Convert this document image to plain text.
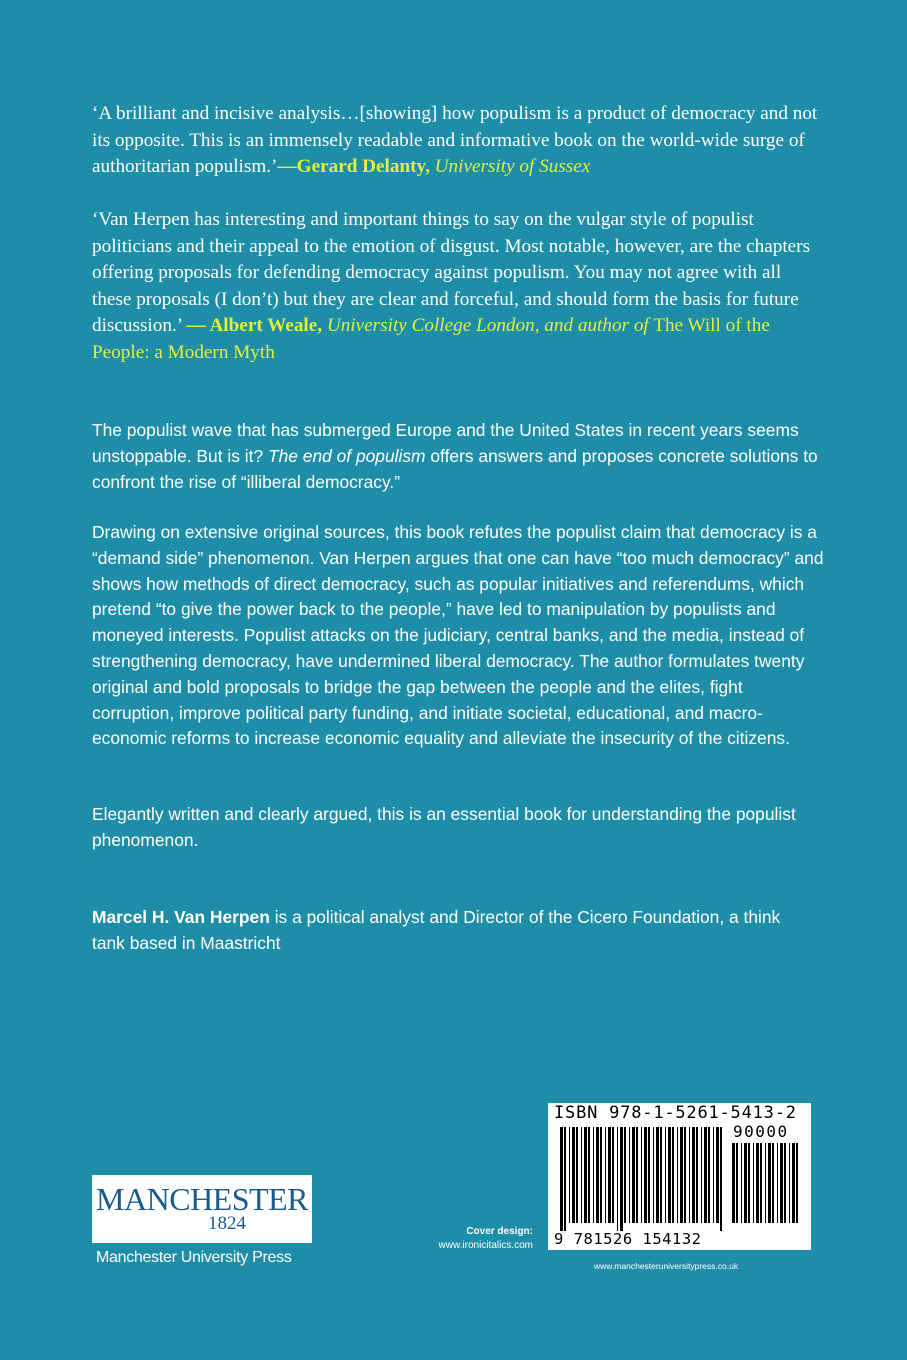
‘A brilliant and incisive analysis…[showing] how populism is a product of democracy and not its opposite. This is an immensely readable and informative book on the world-wide surge of authoritarian populism.’—Gerard Delanty, University of Sussex
‘Van Herpen has interesting and important things to say on the vulgar style of populist politicians and their appeal to the emotion of disgust. Most notable, however, are the chapters offering proposals for defending democracy against populism. You may not agree with all these proposals (I don’t) but they are clear and forceful, and should form the basis for future discussion.’ — Albert Weale, University College London, and author of The Will of the People: a Modern Myth
The populist wave that has submerged Europe and the United States in recent years seems unstoppable. But is it? The end of populism offers answers and proposes concrete solutions to confront the rise of “illiberal democracy.”
Drawing on extensive original sources, this book refutes the populist claim that democracy is a “demand side” phenomenon. Van Herpen argues that one can have “too much democracy” and shows how methods of direct democracy, such as popular initiatives and referendums, which pretend “to give the power back to the people,” have led to manipulation by populists and moneyed interests. Populist attacks on the judiciary, central banks, and the media, instead of strengthening democracy, have undermined liberal democracy. The author formulates twenty original and bold proposals to bridge the gap between the people and the elites, fight corruption, improve political party funding, and initiate societal, educational, and macro-economic reforms to increase economic equality and alleviate the insecurity of the citizens.
Elegantly written and clearly argued, this is an essential book for understanding the populist phenomenon.
Marcel H. Van Herpen is a political analyst and Director of the Cicero Foundation, a think tank based in Maastricht
MANCHESTER
1824
Manchester University Press
Cover design:
www.ironicitalics.com
ISBN 978-1-5261-5413-2
90000
9 781526 154132
www.manchesteruniversitypress.co.uk
